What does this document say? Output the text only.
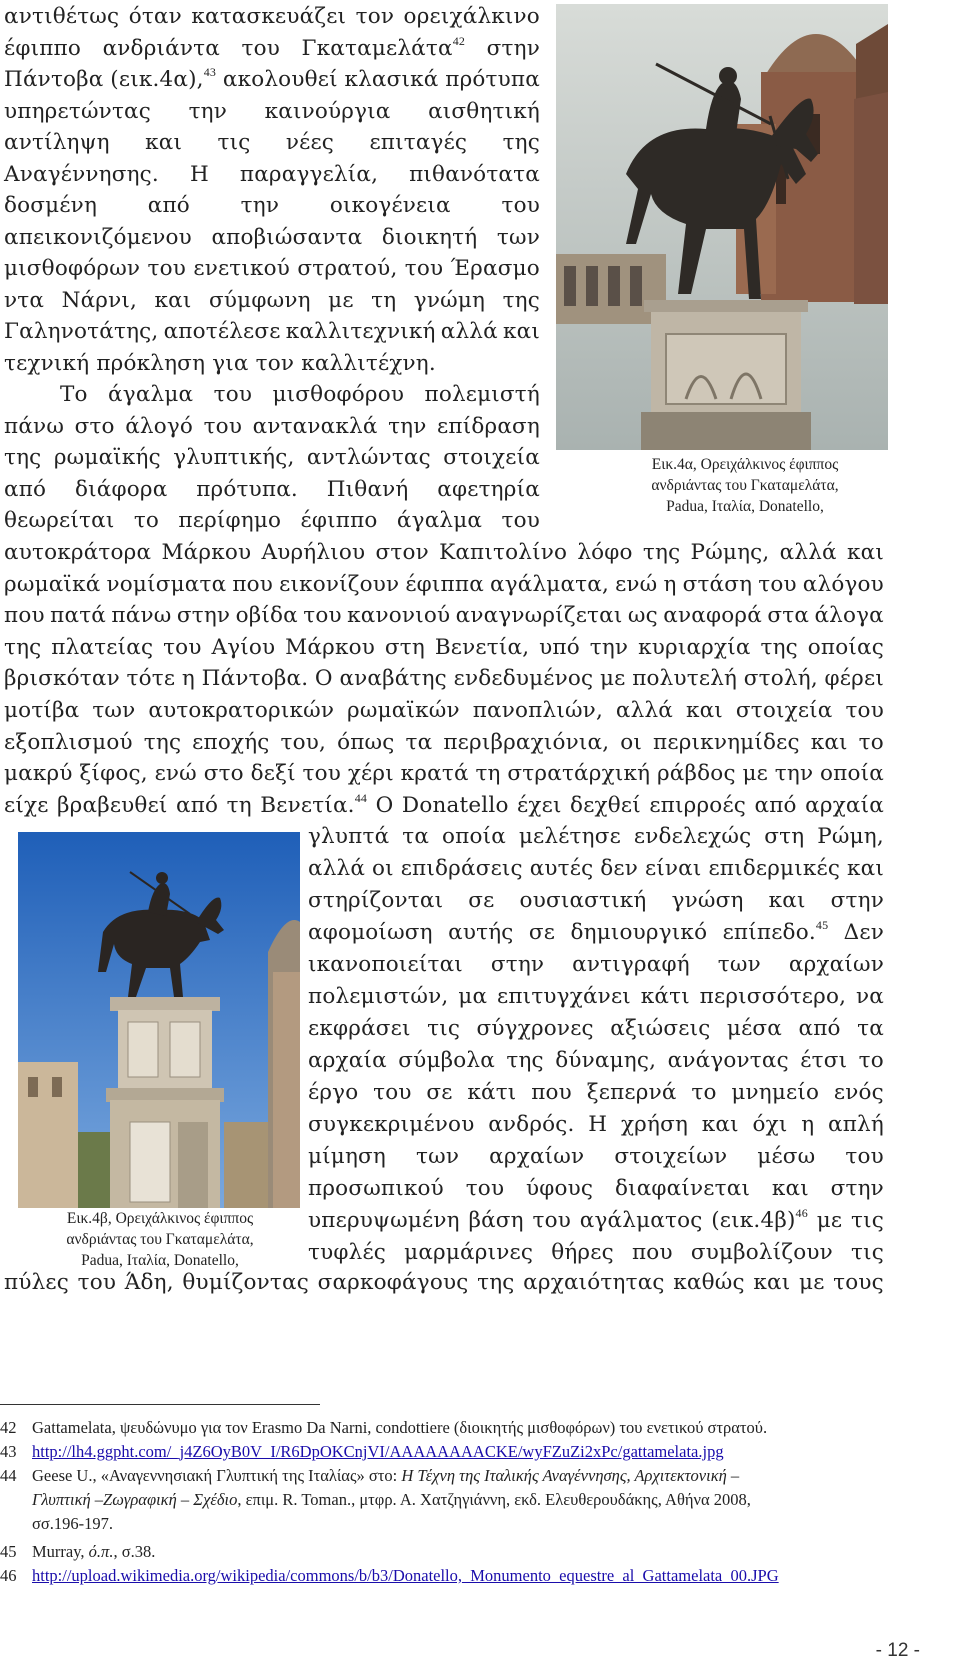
αντιθέτως όταν κατασκευάζει τον ορειχάλκινο
έφιππο ανδριάντα του Γκαταμελάτα$^{42}$ στην
Πάντοβα (εικ.4α),$^{43}$ ακολουθεί κλασικά πρότυπα
υπηρετώντας την καινούργια αισθητική
αντίληψη και τις νέες επιταγές της
Αναγέννησης. Η παραγγελία, πιθανότατα
δοσμένη από την οικογένεια του
απεικονιζόμενου αποβιώσαντα διοικητή των
μισθοφόρων του ενετικού στρατού, του Έρασμο
ντα Νάρνι, και σύμφωνη με τη γνώμη της
Γαληνοτάτης, αποτέλεσε καλλιτεχνική αλλά και
τεχνική πρόκληση για τον καλλιτέχνη.
Το άγαλμα του μισθοφόρου πολεμιστή
πάνω στο άλογό του αντανακλά την επίδραση
της ρωμαϊκής γλυπτικής, αντλώντας στοιχεία
από διάφορα πρότυπα. Πιθανή αφετηρία
θεωρείται το περίφημο έφιππο άγαλμα του
αυτοκράτορα Μάρκου Αυρήλιου στον Καπιτολίνο λόφο της Ρώμης, αλλά και
ρωμαϊκά νομίσματα που εικονίζουν έφιππα αγάλματα, ενώ η στάση του αλόγου
που πατά πάνω στην οβίδα του κανονιού αναγνωρίζεται ως αναφορά στα άλογα
της πλατείας του Αγίου Μάρκου στη Βενετία, υπό την κυριαρχία της οποίας
βρισκόταν τότε η Πάντοβα. Ο αναβάτης ενδεδυμένος με πολυτελή στολή, φέρει
μοτίβα των αυτοκρατορικών ρωμαϊκών πανοπλιών, αλλά και στοιχεία του
εξοπλισμού της εποχής του, όπως τα περιβραχιόνια, οι περικνημίδες και το
μακρύ ξίφος, ενώ στο δεξί του χέρι κρατά τη στρατάρχική ράβδος με την οποία
είχε βραβευθεί από τη Βενετία.$^{44}$ Ο Donatello έχει δεχθεί επιρροές από αρχαία
γλυπτά τα οποία μελέτησε ενδελεχώς στη Ρώμη,
αλλά οι επιδράσεις αυτές δεν είναι επιδερμικές και
στηρίζονται σε ουσιαστική γνώση και στην
αφομοίωση αυτής σε δημιουργικό επίπεδο.$^{45}$ Δεν
ικανοποιείται στην αντιγραφή των αρχαίων
πολεμιστών, μα επιτυγχάνει κάτι περισσότερο, να
εκφράσει τις σύγχρονες αξιώσεις μέσα από τα
αρχαία σύμβολα της δύναμης, ανάγοντας έτσι το
έργο του σε κάτι που ξεπερνά το μνημείο ενός
συγκεκριμένου ανδρός. Η χρήση και όχι η απλή
μίμηση των αρχαίων στοιχείων μέσω του
προσωπικού του ύφους διαφαίνεται και στην
υπερυψωμένη βάση του αγάλματος $(\varepsilon\iota\kappa.4\beta)^{46}$ με τις
τυφλές μαρμάρινες θήρες που συμβολίζουν τις
πύλες του Άδη, θυμίζοντας σαρκοφάγους της αρχαιότητας καθώς και με τους
Εικ.4α, Ορειχάλκινος έφιππος
ανδριάντας του Γκαταμελάτα,
Padua, Ιταλία, Donatello,
Εικ.4β, Ορειχάλκινος έφιππος
ανδριάντας του Γκαταμελάτα,
Padua, Ιταλία, Donatello,
42 Gattamelata, ψευδώνυμο για τον Erasmo Da Narni, condottiere (διοικητής μισθοφόρων) του ενετικού στρατού.
43 http://lh4.ggpht.com/_j4Z6OyB0V_I/R6DpOKCnjVI/AAAAAAAACKE/wyFZuZi2xPc/gattamelata.jpg
44 Geese U., «Αναγεννησιακή Γλυπτική της Ιταλίας» στο: Η Τέχνη της Ιταλικής Αναγέννησης, Αρχιτεκτονική –
Γλυπτική –Ζωγραφική – Σχέδιο, επιμ. R. Toman., μτφρ. Α. Χατζηγιάννη, εκδ. Ελευθερουδάκης, Αθήνα 2008,
σσ.196-197.
45 Murray, ό.π., σ.38.
46 http://upload.wikimedia.org/wikipedia/commons/b/b3/Donatello,_Monumento_equestre_al_Gattamelata_00.JPG
- 12 -
